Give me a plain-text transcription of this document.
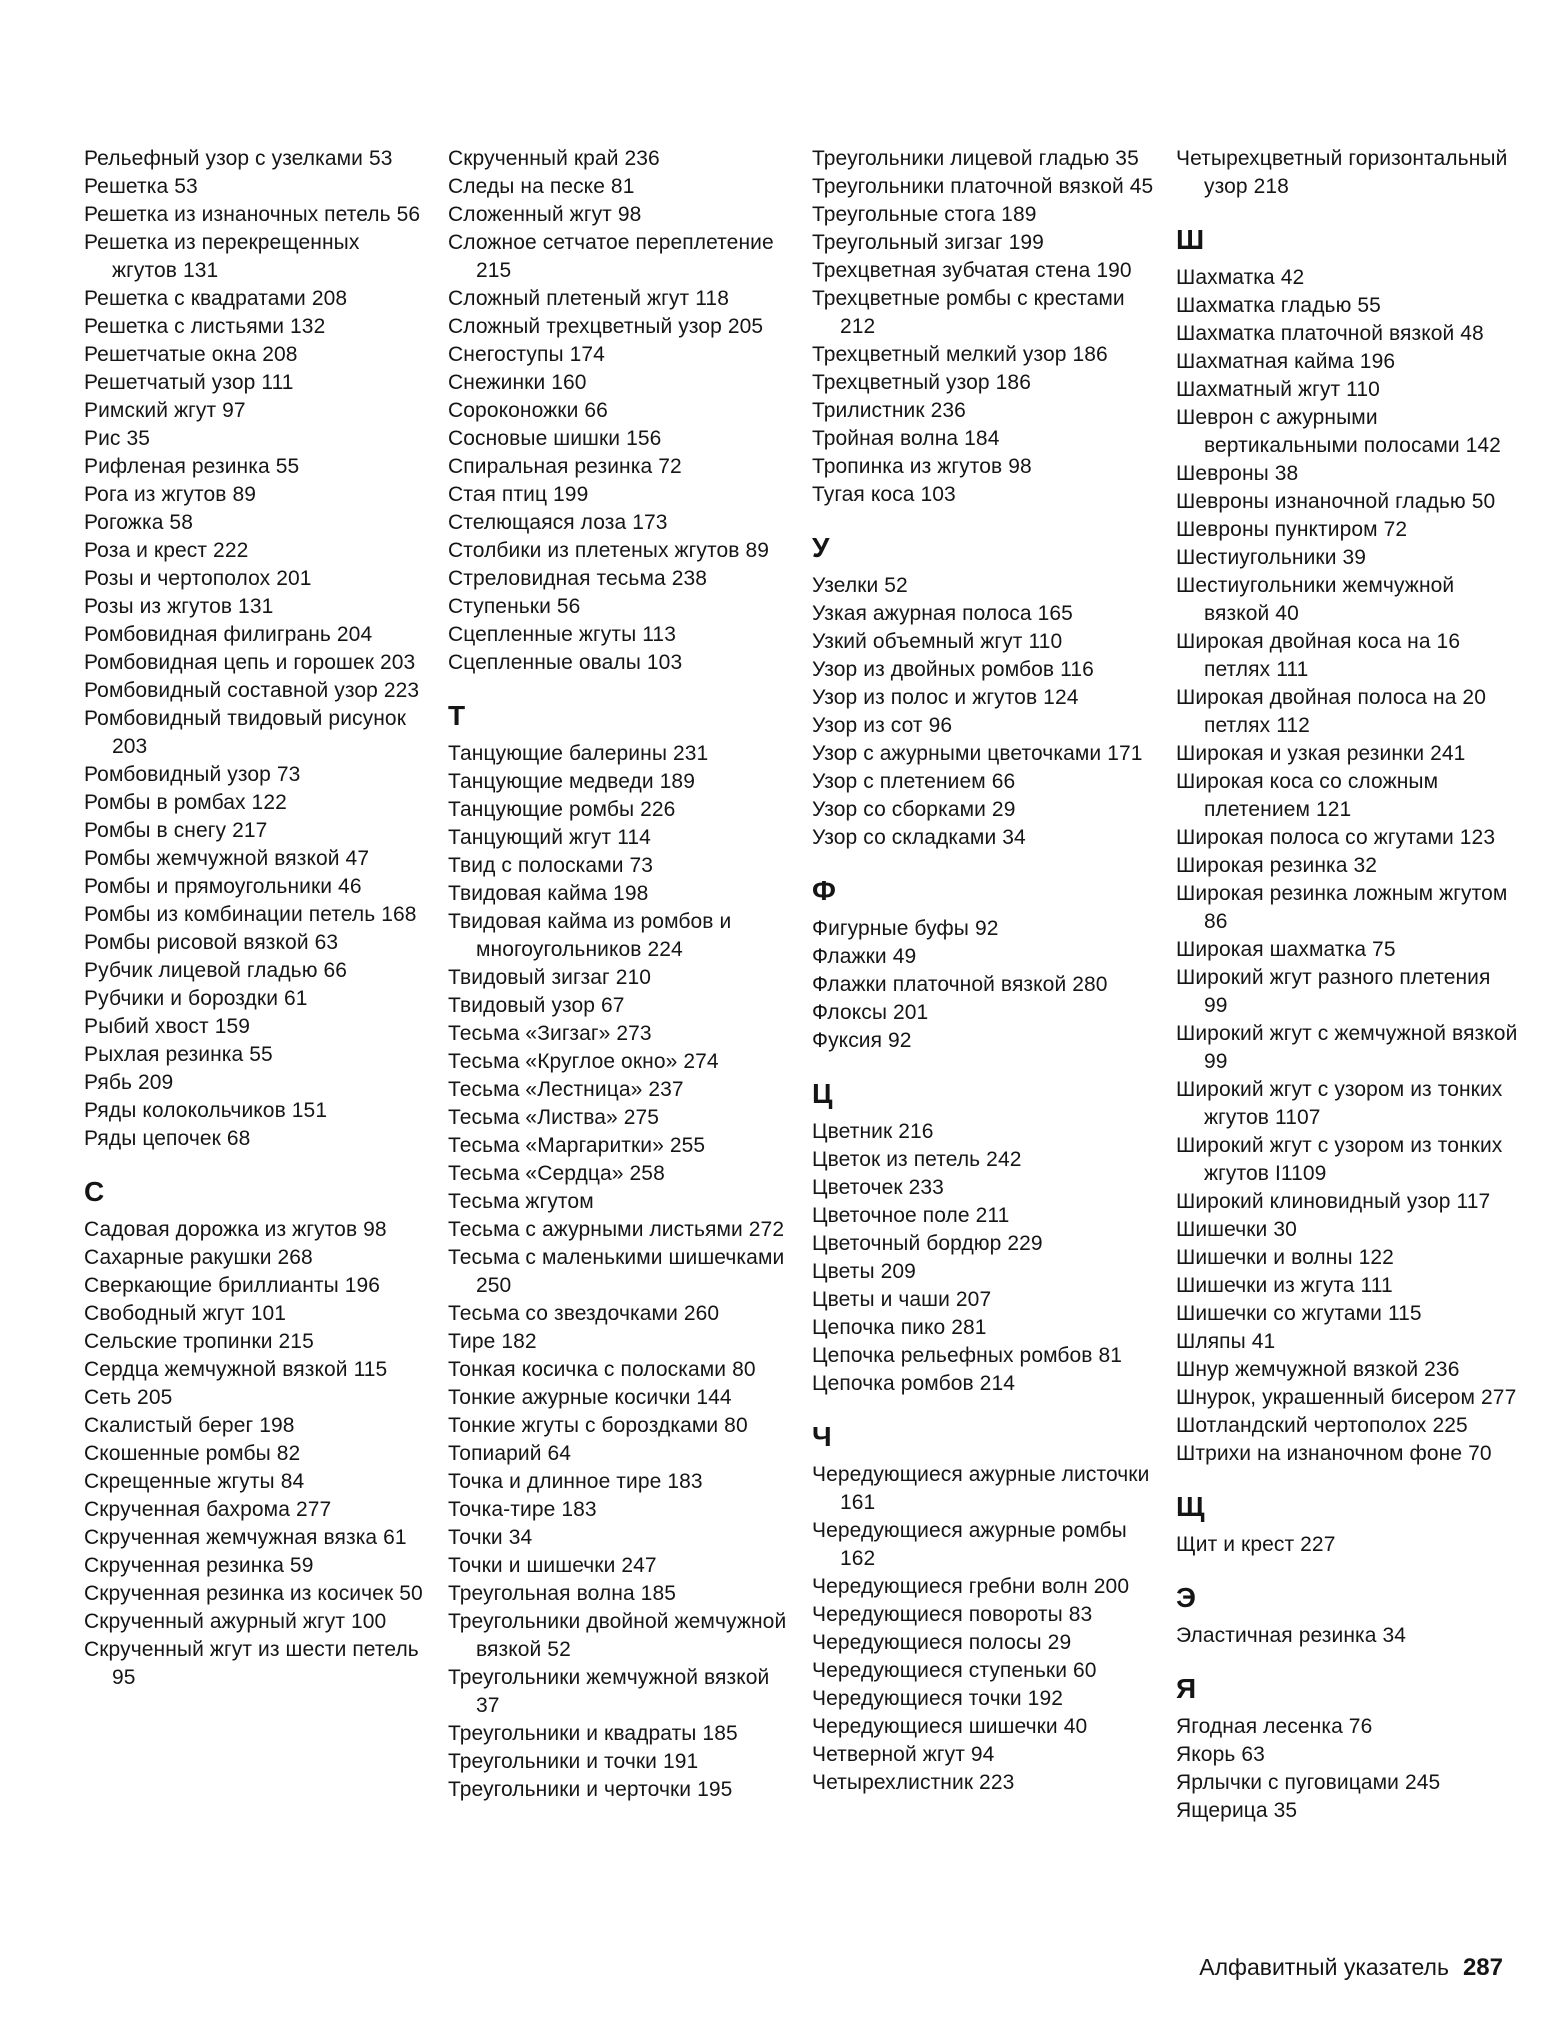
Рельефный узор с узелками 53

Решетка 53

Решетка из изнаночных петель 56

Решетка из перекрещенных жгутов 131

Решетка с квадратами 208

Решетка с листьями 132

Решетчатые окна 208

Решетчатый узор 111

Римский жгут 97

Рис 35

Рифленая резинка 55

Рога из жгутов 89

Рогожка 58

Роза и крест 222

Розы и чертополох 201

Розы из жгутов 131

Ромбовидная филигрань 204

Ромбовидная цепь и горошек 203

Ромбовидный составной узор 223

Ромбовидный твидовый рисунок 203

Ромбовидный узор 73

Ромбы в ромбах 122

Ромбы в снегу 217

Ромбы жемчужной вязкой 47

Ромбы и прямоугольники 46

Ромбы из комбинации петель 168

Ромбы рисовой вязкой 63

Рубчик лицевой гладью 66

Рубчики и бороздки 61

Рыбий хвост 159

Рыхлая резинка 55

Рябь 209

Ряды колокольчиков 151

Ряды цепочек 68

С

Садовая дорожка из жгутов 98

Сахарные ракушки 268

Сверкающие бриллианты 196

Свободный жгут 101

Сельские тропинки 215

Сердца жемчужной вязкой 115

Сеть 205

Скалистый берег 198

Скошенные ромбы 82

Скрещенные жгуты 84

Скрученная бахрома 277

Скрученная жемчужная вязка 61

Скрученная резинка 59

Скрученная резинка из косичек 50

Скрученный ажурный жгут 100

Скрученный жгут из шести петель 95

Скрученный край 236

Следы на песке 81

Сложенный жгут 98

Сложное сетчатое переплетение 215

Сложный плетеный жгут 118

Сложный трехцветный узор 205

Снегоступы 174

Снежинки 160

Сороконожки 66

Сосновые шишки 156

Спиральная резинка 72

Стая птиц 199

Стелющаяся лоза 173

Столбики из плетеных жгутов 89

Стреловидная тесьма 238

Ступеньки 56

Сцепленные жгуты 113

Сцепленные овалы 103

Т

Танцующие балерины 231

Танцующие медведи 189

Танцующие ромбы 226

Танцующий жгут 114

Твид с полосками 73

Твидовая кайма 198

Твидовая кайма из ромбов и многоугольников 224

Твидовый зигзаг 210

Твидовый узор 67

Тесьма «Зигзаг» 273

Тесьма «Круглое окно» 274

Тесьма «Лестница» 237

Тесьма «Листва» 275

Тесьма «Маргаритки» 255

Тесьма «Сердца» 258

Тесьма жгутом

Тесьма с ажурными листьями 272

Тесьма с маленькими шишечками 250

Тесьма со звездочками 260

Тире 182

Тонкая косичка с полосками 80

Тонкие ажурные косички 144

Тонкие жгуты с бороздками 80

Топиарий 64

Точка и длинное тире 183

Точка-тире 183

Точки 34

Точки и шишечки 247

Треугольная волна 185

Треугольники двойной жемчужной вязкой 52

Треугольники жемчужной вязкой 37

Треугольники и квадраты 185

Треугольники и точки 191

Треугольники и черточки 195

Треугольники лицевой гладью 35

Треугольники платочной вязкой 45

Треугольные стога 189

Треугольный зигзаг 199

Трехцветная зубчатая стена 190

Трехцветные ромбы с крестами 212

Трехцветный мелкий узор 186

Трехцветный узор 186

Трилистник 236

Тройная волна 184

Тропинка из жгутов 98

Тугая коса 103

У

Узелки 52

Узкая ажурная полоса 165

Узкий объемный жгут 110

Узор из двойных ромбов 116

Узор из полос и жгутов 124

Узор из сот 96

Узор с ажурными цветочками 171

Узор с плетением 66

Узор со сборками 29

Узор со складками 34

Ф

Фигурные буфы 92

Флажки 49

Флажки платочной вязкой 280

Флоксы 201

Фуксия 92

Ц

Цветник 216

Цветок из петель 242

Цветочек 233

Цветочное поле 211

Цветочный бордюр 229

Цветы 209

Цветы и чаши 207

Цепочка пико 281

Цепочка рельефных ромбов 81

Цепочка ромбов 214

Ч

Чередующиеся ажурные листочки 161

Чередующиеся ажурные ромбы 162

Чередующиеся гребни волн 200

Чередующиеся повороты 83

Чередующиеся полосы 29

Чередующиеся ступеньки 60

Чередующиеся точки 192

Чередующиеся шишечки 40

Четверной жгут 94

Четырехлистник 223

Четырехцветный горизонтальный узор 218

Ш

Шахматка 42

Шахматка гладью 55

Шахматка платочной вязкой 48

Шахматная кайма 196

Шахматный жгут 110

Шеврон с ажурными вертикальными полосами 142

Шевроны 38

Шевроны изнаночной гладью 50

Шевроны пунктиром 72

Шестиугольники 39

Шестиугольники жемчужной вязкой 40

Широкая двойная коса на 16 петлях 111

Широкая двойная полоса на 20 петлях 112

Широкая и узкая резинки 241

Широкая коса со сложным плетением 121

Широкая полоса со жгутами 123

Широкая резинка 32

Широкая резинка ложным жгутом 86

Широкая шахматка 75

Широкий жгут разного плетения 99

Широкий жгут с жемчужной вязкой 99

Широкий жгут с узором из тонких жгутов 1107

Широкий жгут с узором из тонких жгутов I1109

Широкий клиновидный узор 117

Шишечки 30

Шишечки и волны 122

Шишечки из жгута 111

Шишечки со жгутами 115

Шляпы 41

Шнур жемчужной вязкой 236

Шнурок, украшенный бисером 277

Шотландский чертополох 225

Штрихи на изнаночном фоне 70

Щ

Щит и крест 227

Э

Эластичная резинка 34

Я

Ягодная лесенка 76

Якорь 63

Ярлычки с пуговицами 245

Ящерица 35

Алфавитный указатель 287
